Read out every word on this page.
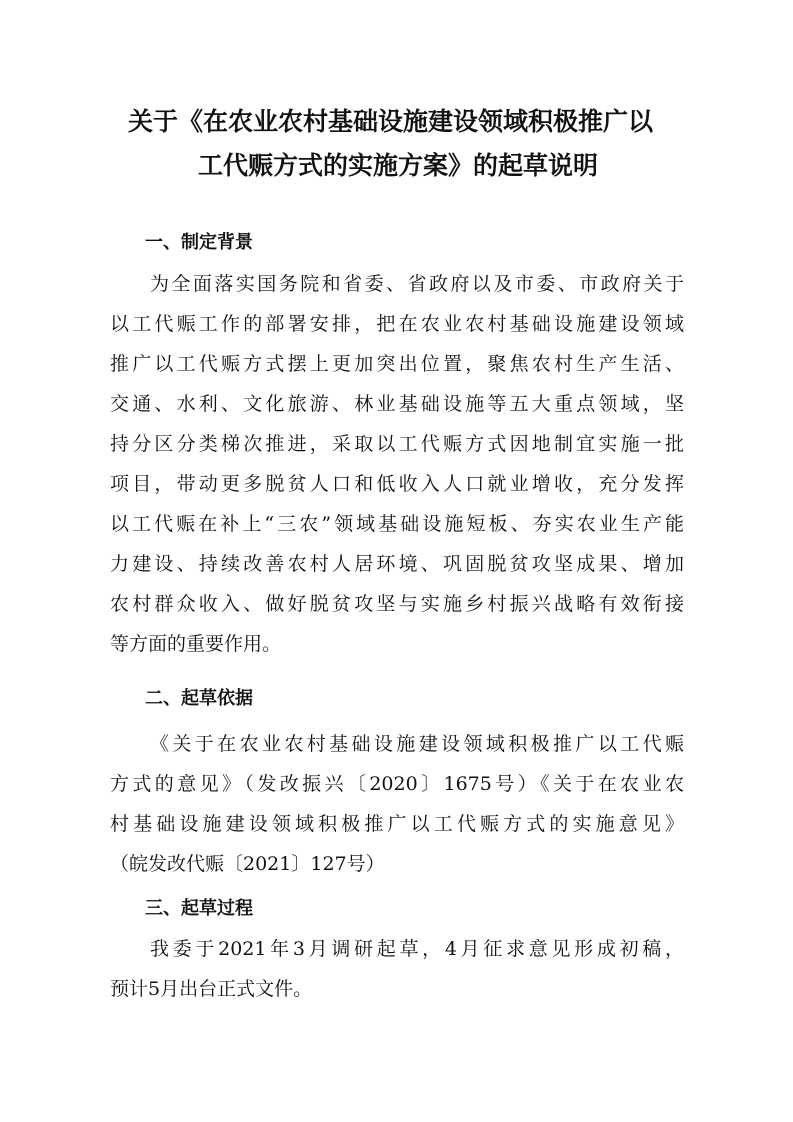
关于《在农业农村基础设施建设领域积极推广以
工代赈方式的实施方案》的起草说明
一、制定背景
为全面落实国务院和省委、省政府以及市委、市政府关于
以工代赈工作的部署安排，把在农业农村基础设施建设领域
推广以工代赈方式摆上更加突出位置，聚焦农村生产生活、
交通、水利、文化旅游、林业基础设施等五大重点领域，坚
持分区分类梯次推进，采取以工代赈方式因地制宜实施一批
项目，带动更多脱贫人口和低收入人口就业增收，充分发挥
以工代赈在补上“三农”领域基础设施短板、夯实农业生产能
力建设、持续改善农村人居环境、巩固脱贫攻坚成果、增加
农村群众收入、做好脱贫攻坚与实施乡村振兴战略有效衔接
等方面的重要作用。
二、起草依据
《关于在农业农村基础设施建设领域积极推广以工代赈
方式的意见》（发改振兴〔2020〕1675号）《关于在农业农
村基础设施建设领域积极推广以工代赈方式的实施意见》
（皖发改代赈〔2021〕127号）
三、起草过程
我委于2021年3月调研起草，4月征求意见形成初稿，
预计5月出台正式文件。
